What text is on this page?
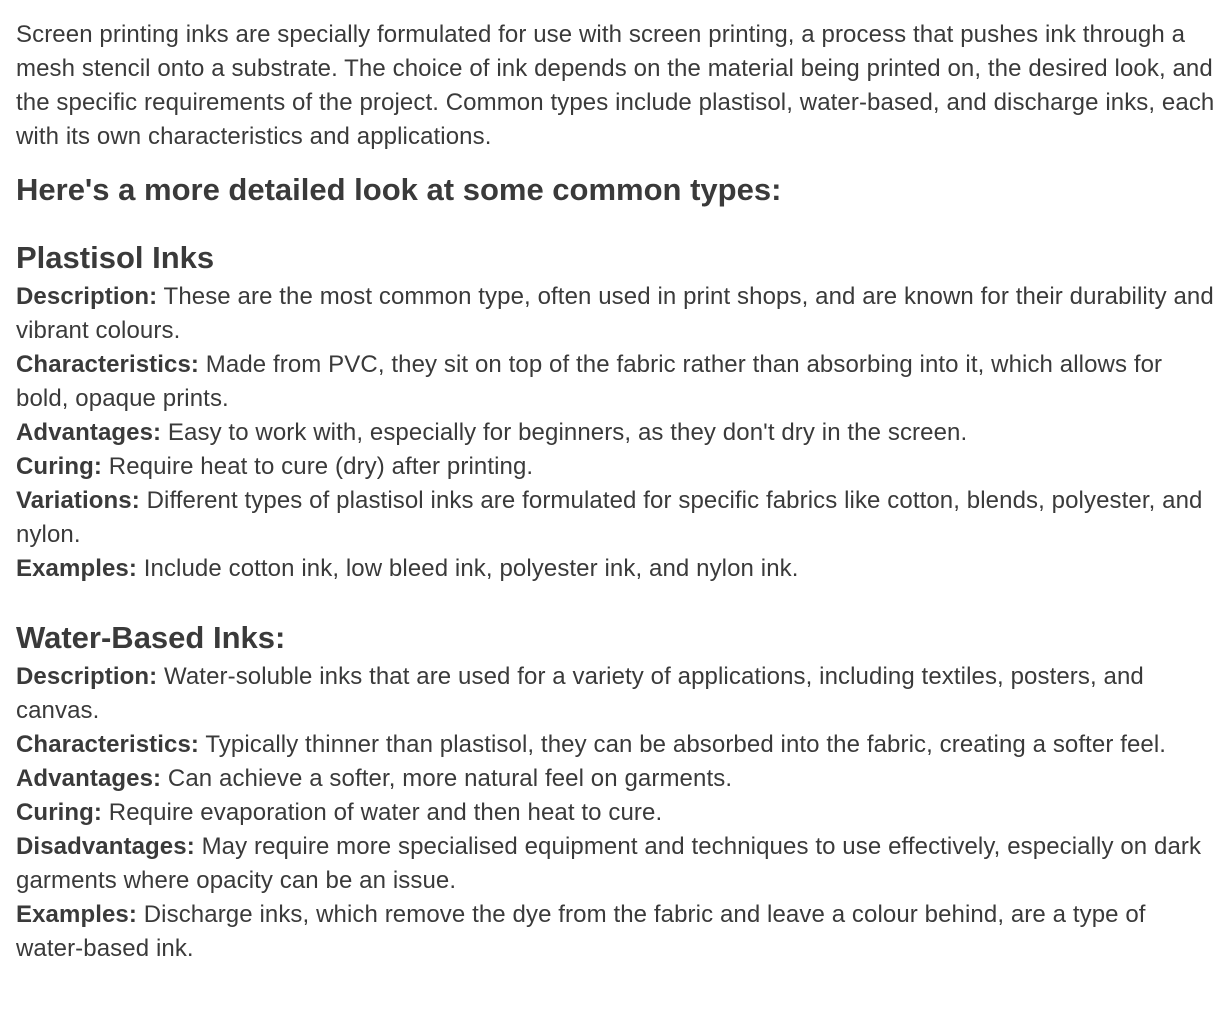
Screen printing inks are specially formulated for use with screen printing, a process that pushes ink through a mesh stencil onto a substrate. The choice of ink depends on the material being printed on, the desired look, and the specific requirements of the project. Common types include plastisol, water-based, and discharge inks, each with its own characteristics and applications.

Here's a more detailed look at some common types:
Plastisol Inks

Description: These are the most common type, often used in print shops, and are known for their durability and vibrant colours.

Characteristics: Made from PVC, they sit on top of the fabric rather than absorbing into it, which allows for bold, opaque prints.

Advantages: Easy to work with, especially for beginners, as they don't dry in the screen.

Curing: Require heat to cure (dry) after printing.

Variations: Different types of plastisol inks are formulated for specific fabrics like cotton, blends, polyester, and nylon.

Examples: Include cotton ink, low bleed ink, polyester ink, and nylon ink.

Water-Based Inks:

Description: Water-soluble inks that are used for a variety of applications, including textiles, posters, and canvas.

Characteristics: Typically thinner than plastisol, they can be absorbed into the fabric, creating a softer feel.

Advantages: Can achieve a softer, more natural feel on garments.

Curing: Require evaporation of water and then heat to cure.

Disadvantages: May require more specialised equipment and techniques to use effectively, especially on dark garments where opacity can be an issue.

Examples: Discharge inks, which remove the dye from the fabric and leave a colour behind, are a type of water-based ink.
